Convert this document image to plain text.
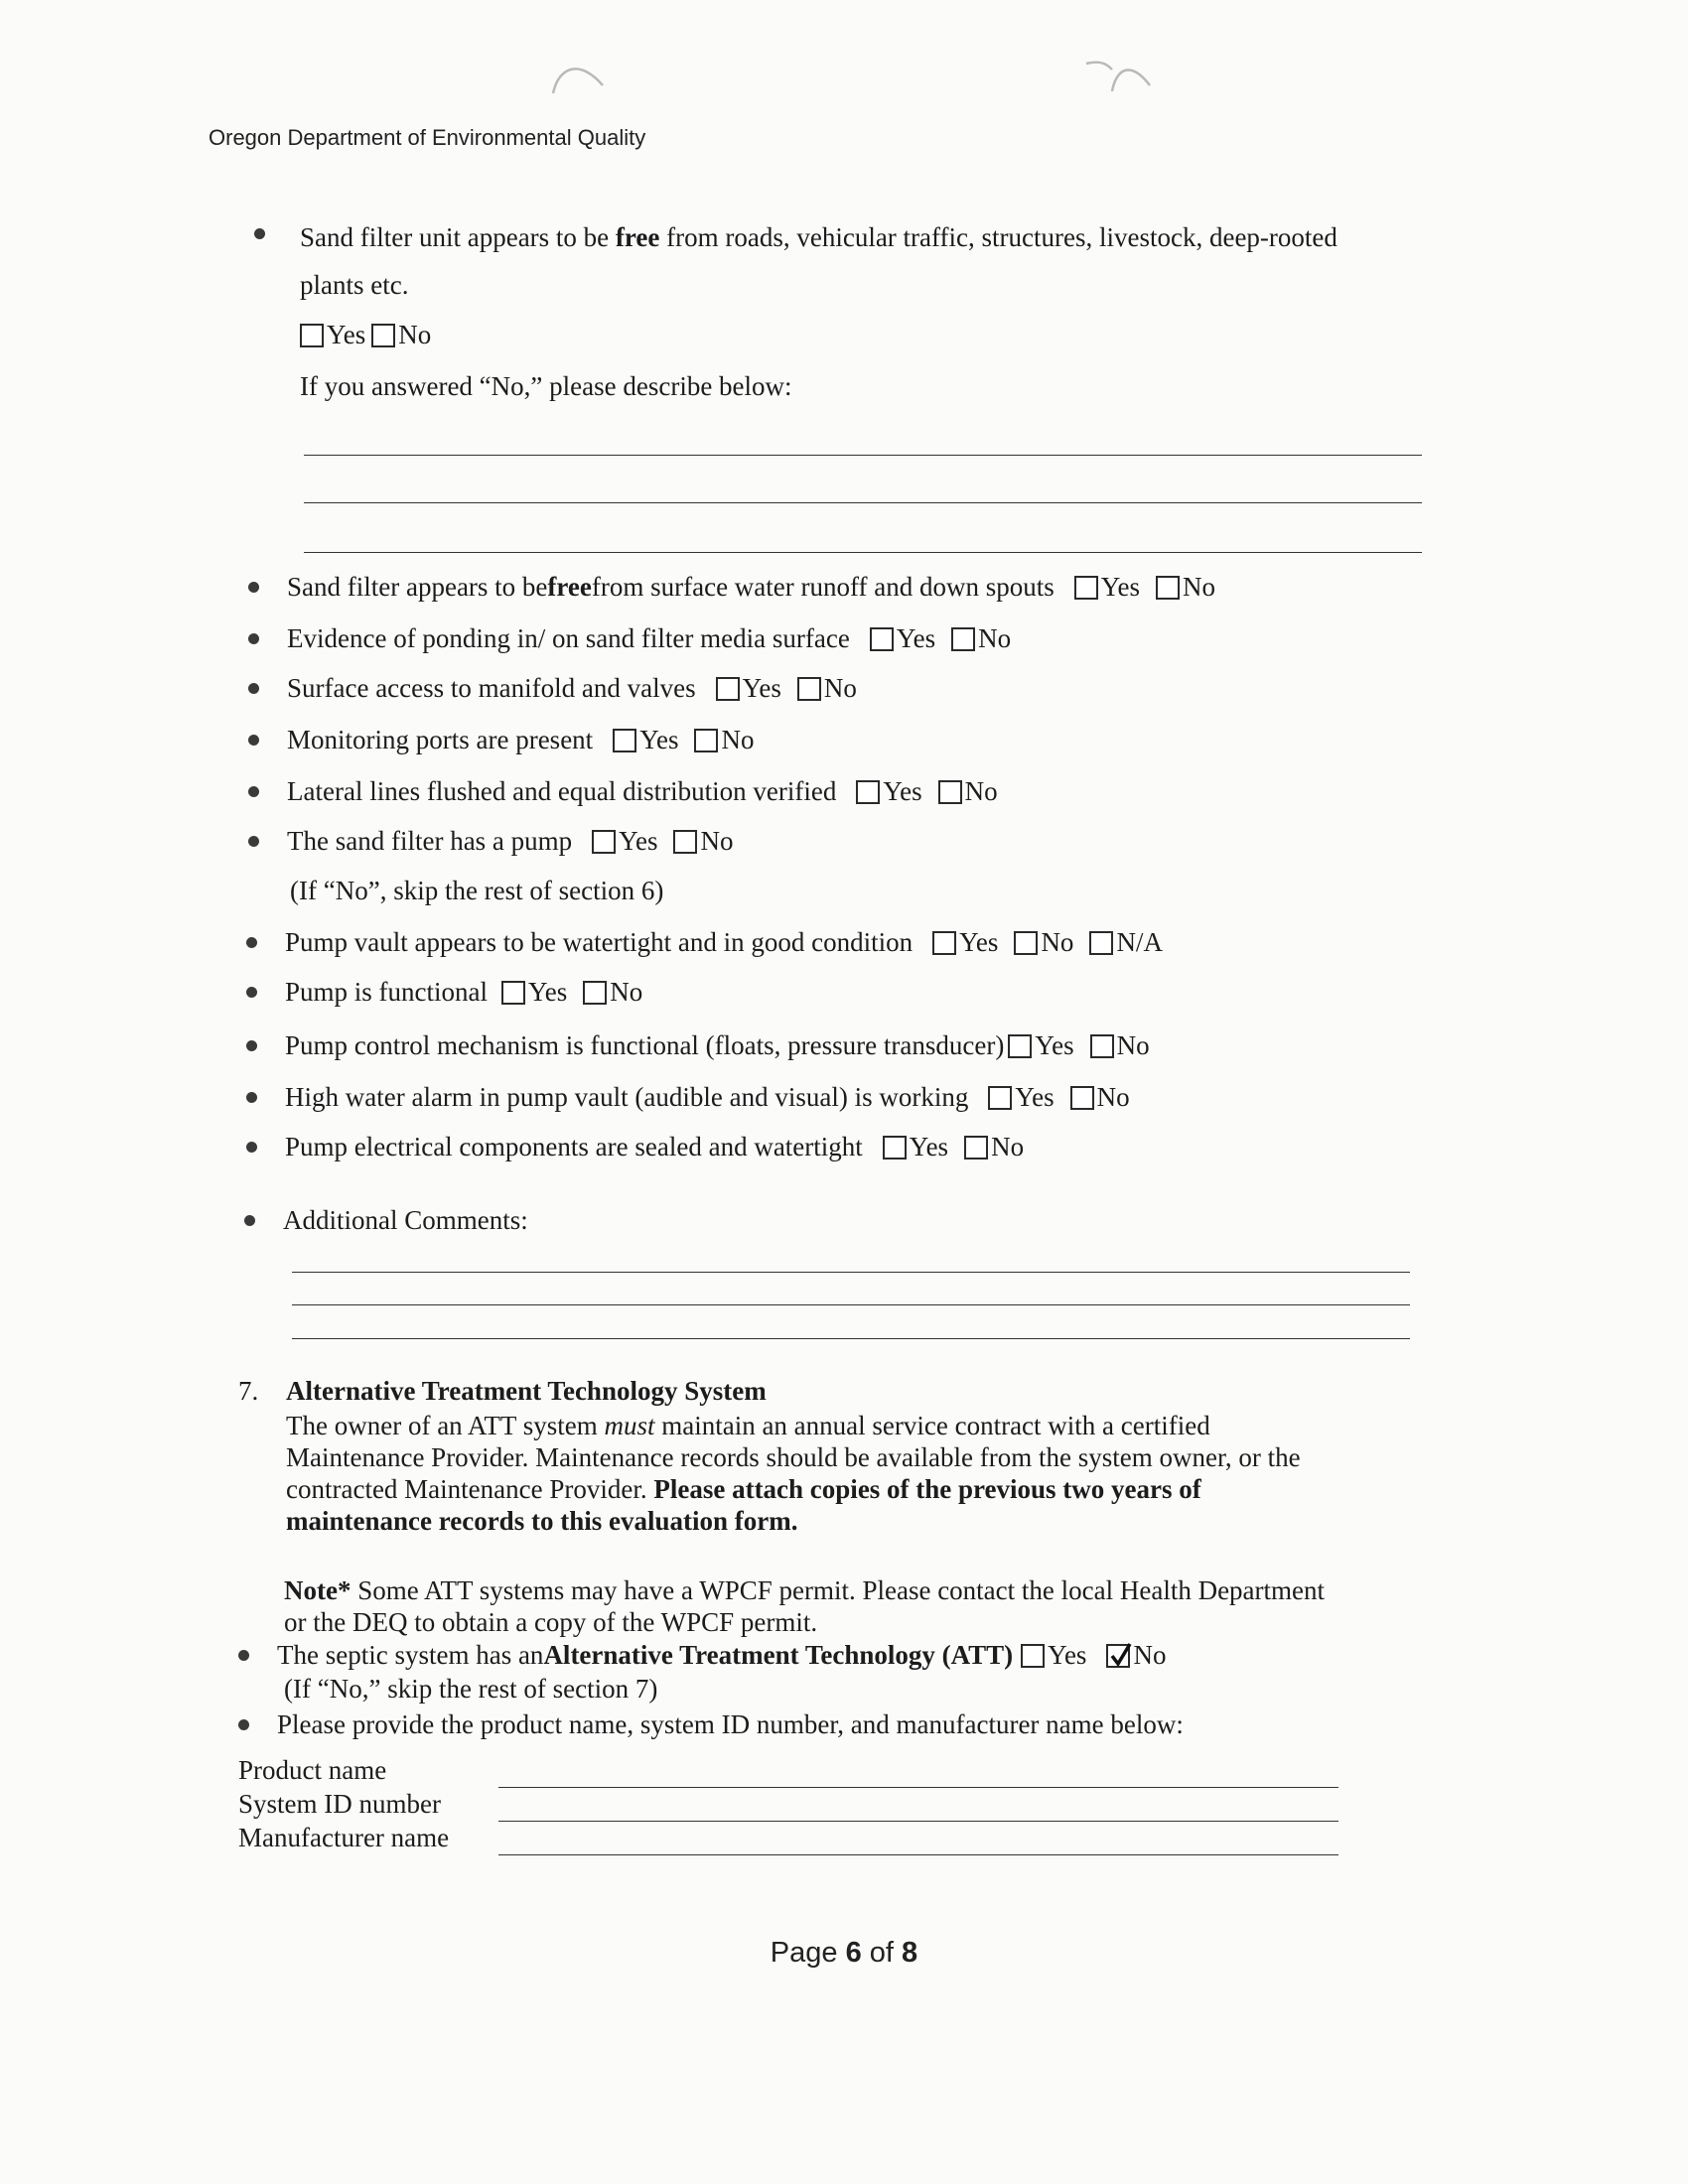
Oregon Department of Environmental Quality
Sand filter unit appears to be free from roads, vehicular traffic, structures, livestock, deep-rooted
plants etc.
Yes No
If you answered “No,” please describe below:
Sand filter appears to be free from surface water runoff and down spouts Yes No
Evidence of ponding in/ on sand filter media surface Yes No
Surface access to manifold and valves Yes No
Monitoring ports are present Yes No
Lateral lines flushed and equal distribution verified Yes No
The sand filter has a pump Yes No
(If “No”, skip the rest of section 6)
Pump vault appears to be watertight and in good condition Yes No N/A
Pump is functional Yes No
Pump control mechanism is functional (floats, pressure transducer) Yes No
High water alarm in pump vault (audible and visual) is working Yes No
Pump electrical components are sealed and watertight Yes No
Additional Comments:
7. Alternative Treatment Technology System
The owner of an ATT system must maintain an annual service contract with a certified
Maintenance Provider. Maintenance records should be available from the system owner, or the
contracted Maintenance Provider. Please attach copies of the previous two years of
maintenance records to this evaluation form.
Note* Some ATT systems may have a WPCF permit. Please contact the local Health Department
or the DEQ to obtain a copy of the WPCF permit.
The septic system has an Alternative Treatment Technology (ATT) Yes No
(If “No,” skip the rest of section 7)
Please provide the product name, system ID number, and manufacturer name below:
Product name
System ID number
Manufacturer name
Page 6 of 8
